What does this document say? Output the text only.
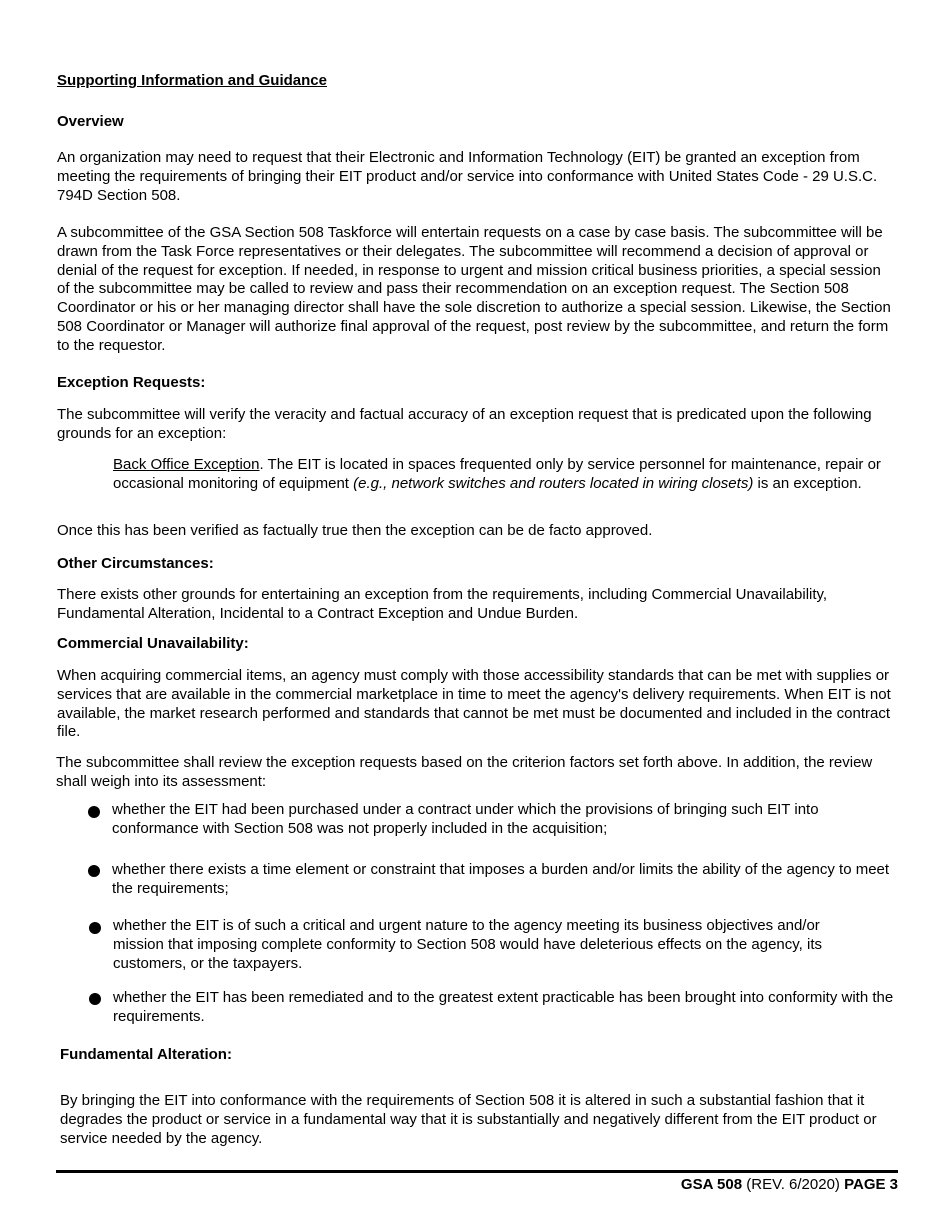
Supporting Information and Guidance
Overview

An organization may need to request that their Electronic and Information Technology (EIT) be granted an exception from meeting the requirements of bringing their EIT product and/or service into conformance with United States Code - 29 U.S.C. 794D Section 508.

A subcommittee of the GSA Section 508 Taskforce will entertain requests on a case by case basis. The subcommittee will be drawn from the Task Force representatives or their delegates. The subcommittee will recommend a decision of approval or denial of the request for exception. If needed, in response to urgent and mission critical business priorities, a special session of the subcommittee may be called to review and pass their recommendation on an exception request. The Section 508 Coordinator or his or her managing director shall have the sole discretion to authorize a special session. Likewise, the Section 508 Coordinator or Manager will authorize final approval of the request, post review by the subcommittee, and return the form to the requestor.

Exception Requests:

The subcommittee will verify the veracity and factual accuracy of an exception request that is predicated upon the following grounds for an exception:

Back Office Exception. The EIT is located in spaces frequented only by service personnel for maintenance, repair or occasional monitoring of equipment (e.g., network switches and routers located in wiring closets) is an exception.

Once this has been verified as factually true then the exception can be de facto approved.

Other Circumstances:

There exists other grounds for entertaining an exception from the requirements, including Commercial Unavailability, Fundamental Alteration, Incidental to a Contract Exception and Undue Burden.

Commercial Unavailability:

When acquiring commercial items, an agency must comply with those accessibility standards that can be met with supplies or services that are available in the commercial marketplace in time to meet the agency's delivery requirements. When EIT is not available, the market research performed and standards that cannot be met must be documented and included in the contract file.

The subcommittee shall review the exception requests based on the criterion factors set forth above. In addition, the review shall weigh into its assessment:

whether the EIT had been purchased under a contract under which the provisions of bringing such EIT into conformance with Section 508 was not properly included in the acquisition;

whether there exists a time element or constraint that imposes a burden and/or limits the ability of the agency to meet the requirements;

whether the EIT is of such a critical and urgent nature to the agency meeting its business objectives and/or mission that imposing complete conformity to Section 508 would have deleterious effects on the agency, its customers, or the taxpayers.

whether the EIT has been remediated and to the greatest extent practicable has been brought into conformity with the requirements.

Fundamental Alteration:

By bringing the EIT into conformance with the requirements of Section 508 it is altered in such a substantial fashion that it degrades the product or service in a fundamental way that it is substantially and negatively different from the EIT product or service needed by the agency.

GSA 508 (REV. 6/2020) PAGE 3
